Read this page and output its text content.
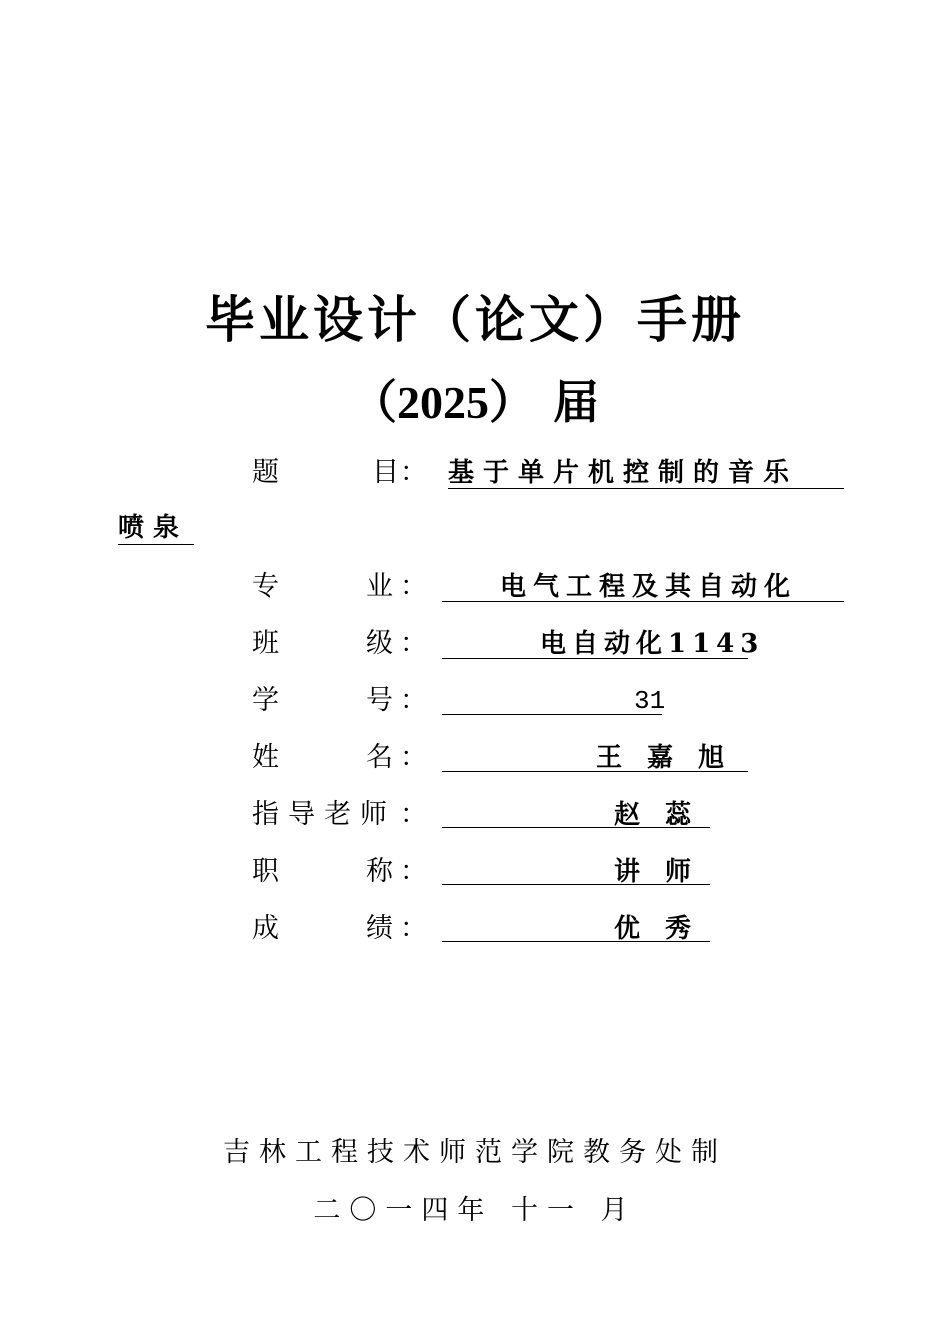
毕业设计（论文）手册
（2025） 届
题	目 ： 基于单片机控制的音乐
喷泉
专	业 ：	电气工程及其自动化
班	级 ：	电自动化1143
学	号 ：	31
姓	名 ：	王 嘉 旭
指导老师 ：	赵 蕊
职	称 ：	讲 师
成	绩 ：	优 秀
吉林工程技术师范学院教务处制
二〇一四年 十一 月
